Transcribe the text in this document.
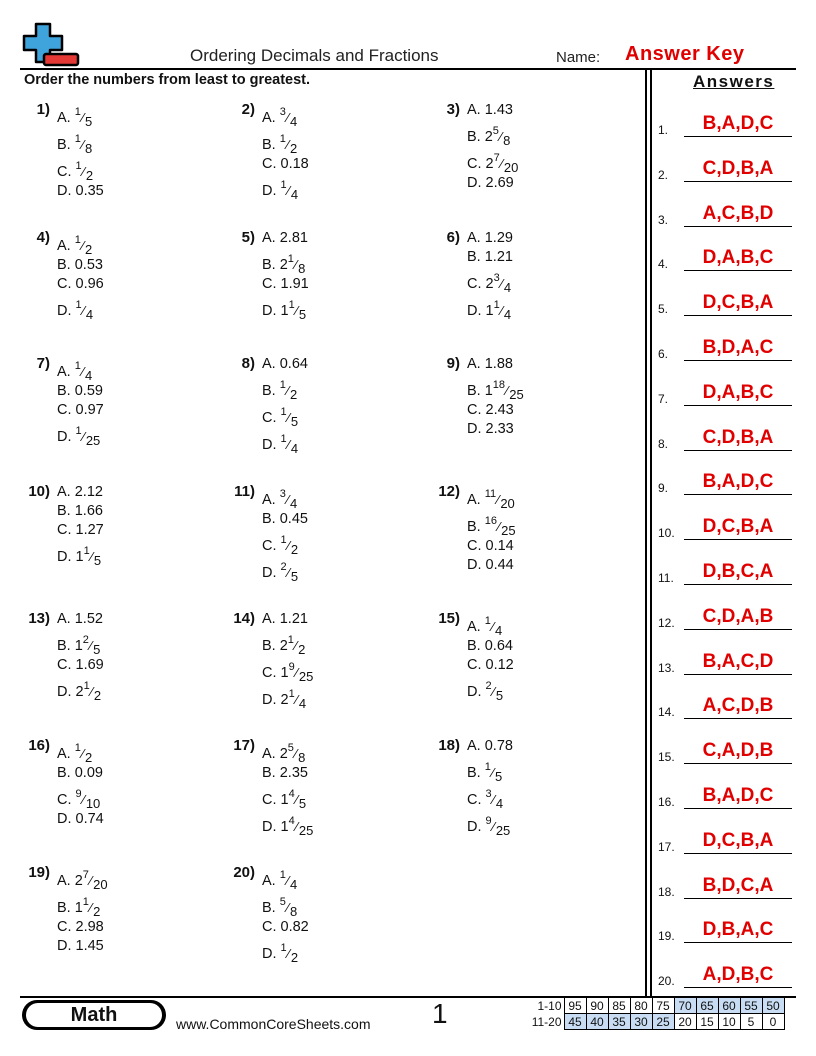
Ordering Decimals and Fractions	Name: Answer Key
Order the numbers from least to greatest.	Answers
1) A. $^1⁄_5$
B. $^1⁄_8$
C. $^1⁄_2$
D. 0.35
2) A. $^3⁄_4$
B. $^1⁄_2$
C. 0.18
D. $^1⁄_4$
3) A. 1.43
B. $2^5⁄_8$
C. $2^7⁄_{20}$
D. 2.69
4) A. $^1⁄_2$
B. 0.53
C. 0.96
D. $^1⁄_4$
5) A. 2.81
B. $2^1⁄_8$
C. 1.91
D. $1^1⁄_5$
6) A. 1.29
B. 1.21
C. $2^3⁄_4$
D. $1^1⁄_4$
7) A. $^1⁄_4$
B. 0.59
C. 0.97
D. $^1⁄_{25}$
8) A. 0.64
B. $^1⁄_2$
C. $^1⁄_5$
D. $^1⁄_4$
9) A. 1.88
B. $1^{18}⁄_{25}$
C. 2.43
D. 2.33
10) A. 2.12
B. 1.66
C. 1.27
D. $1^1⁄_5$
11) A. $^3⁄_4$
B. 0.45
C. $^1⁄_2$
D. $^2⁄_5$
12) A. $^{11}⁄_{20}$
B. $^{16}⁄_{25}$
C. 0.14
D. 0.44
13) A. 1.52
B. $1^2⁄_5$
C. 1.69
D. $2^1⁄_2$
14) A. 1.21
B. $2^1⁄_2$
C. $1^9⁄_{25}$
D. $2^1⁄_4$
15) A. $^1⁄_4$
B. 0.64
C. 0.12
D. $^2⁄_5$
16) A. $^1⁄_2$
B. 0.09
C. $^9⁄_{10}$
D. 0.74
17) A. $2^5⁄_8$
B. 2.35
C. $1^4⁄_5$
D. $1^4⁄_{25}$
18) A. 0.78
B. $^1⁄_5$
C. $^3⁄_4$
D. $^9⁄_{25}$
19) A. $2^7⁄_{20}$
B. $1^1⁄_2$
C. 2.98
D. 1.45
20) A. $^1⁄_4$
B. $^5⁄_8$
C. 0.82
D. $^1⁄_2$
1.	B,A,D,C
2.	C,D,B,A
3.	A,C,B,D
4.	D,A,B,C
5.	D,C,B,A
6.	B,D,A,C
7.	D,A,B,C
8.	C,D,B,A
9.	B,A,D,C
10.	D,C,B,A
11.	D,B,C,A
12.	C,D,A,B
13.	B,A,C,D
14.	A,C,D,B
15.	C,A,D,B
16.	B,A,D,C
17.	D,C,B,A
18.	B,D,C,A
19.	D,B,A,C
20.	A,D,B,C
Math	www.CommonCoreSheets.com 1	1-10	95	90	85	80	75	70	65	60	55	50
11-20	45	40	35	30	25	20	15	10	5	0
